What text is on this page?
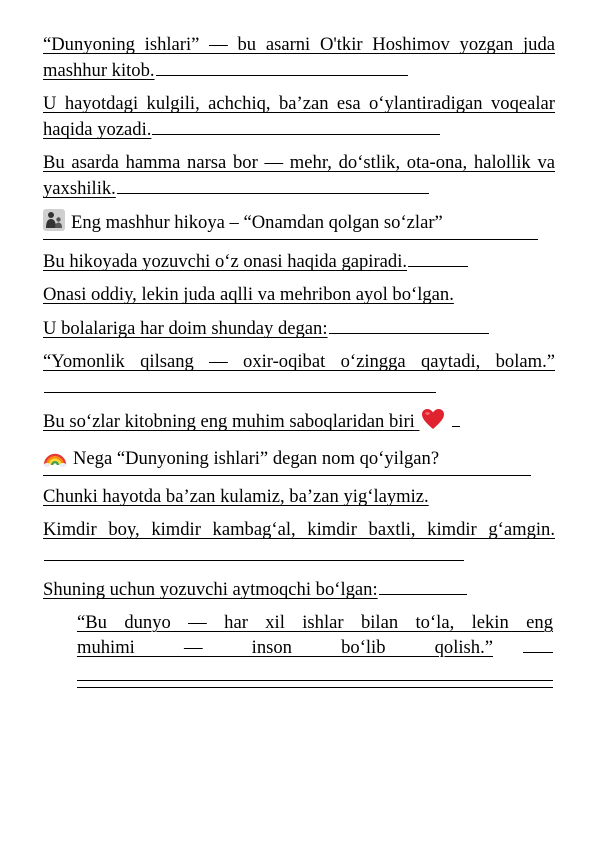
“Dunyoning ishlari” — bu asarni O'tkir Hoshimov yozgan juda mashhur kitob.

U hayotdagi kulgili, achchiq, ba’zan esa o‘ylantiradigan voqealar haqida yozadi.

Bu asarda hamma narsa bor — mehr, do‘stlik, ota-ona, halollik va yaxshilik.

Eng mashhur hikoya – “Onamdan qolgan so‘zlar”

Bu hikoyada yozuvchi o‘z onasi haqida gapiradi.

Onasi oddiy, lekin juda aqlli va mehribon ayol bo‘lgan.

U bolalariga har doim shunday degan:

“Yomonlik qilsang — oxir-oqibat o‘zingga qaytadi, bolam.”

Bu so‘zlar kitobning eng muhim saboqlaridan biri

Nega “Dunyoning ishlari” degan nom qo‘yilgan?

Chunki hayotda ba’zan kulamiz, ba’zan yig‘laymiz.

Kimdir boy, kimdir kambag‘al, kimdir baxtli, kimdir g‘amgin.

Shuning uchun yozuvchi aytmoqchi bo‘lgan:

“Bu dunyo — har xil ishlar bilan to‘la, lekin eng
muhimi — inson bo‘lib qolish.”
